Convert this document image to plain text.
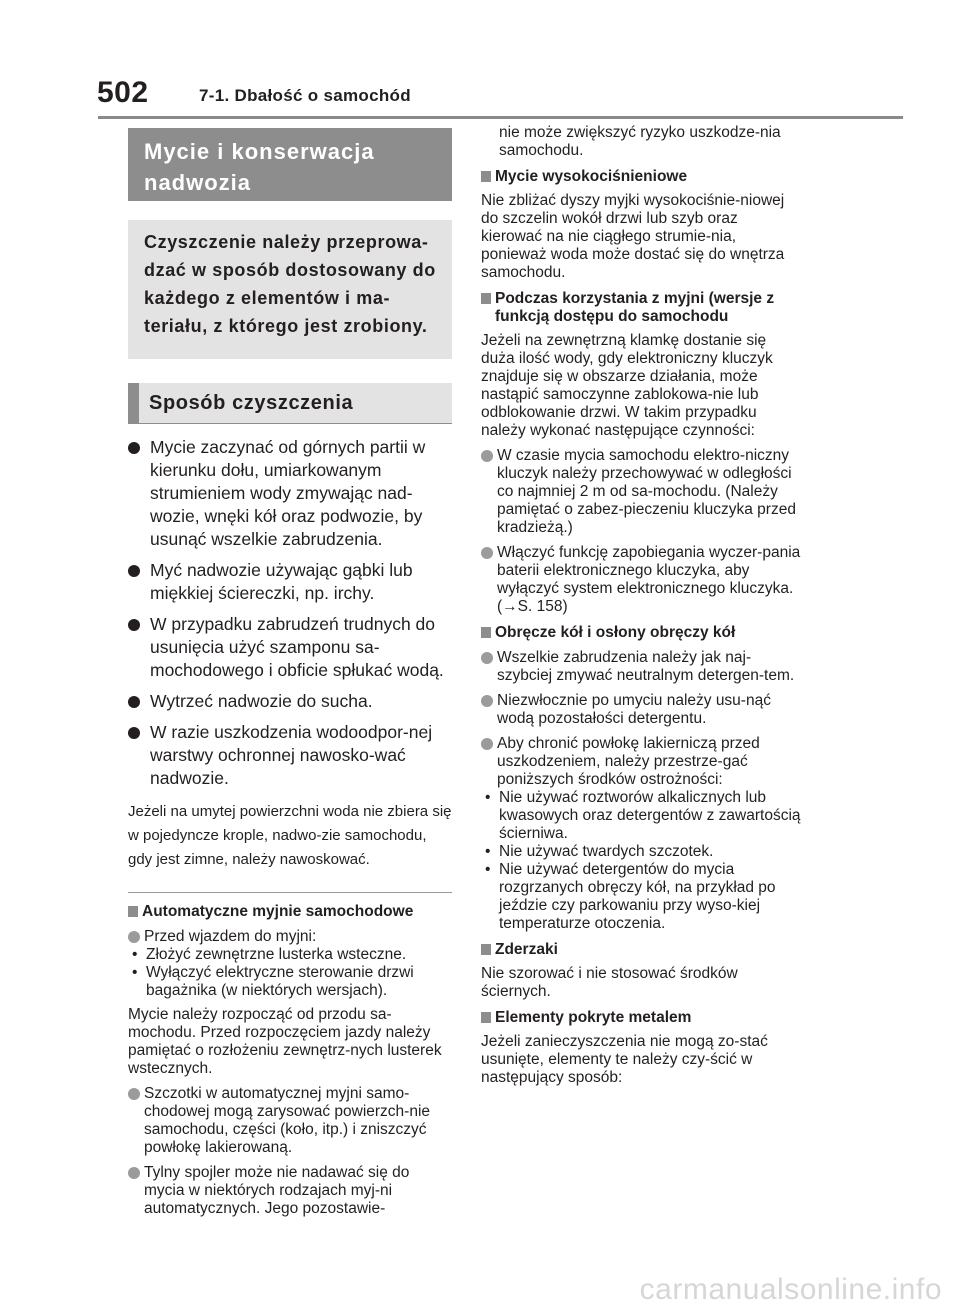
502	7-1. Dbałość o samochód
Mycie i konserwacja nadwozia
Czyszczenie należy przeprowa-dzać w sposób dostosowany do każdego z elementów i ma-teriału, z którego jest zrobiony.
Sposób czyszczenia
Mycie zaczynać od górnych partii w kierunku dołu, umiarkowanym strumieniem wody zmywając nad-wozie, wnęki kół oraz podwozie, by usunąć wszelkie zabrudzenia.
Myć nadwozie używając gąbki lub miękkiej ściereczki, np. irchy.
W przypadku zabrudzeń trudnych do usunięcia użyć szamponu sa-mochodowego i obficie spłukać wodą.
Wytrzeć nadwozie do sucha.
W razie uszkodzenia wodoodpor-nej warstwy ochronnej nawosko-wać nadwozie.
Jeżeli na umytej powierzchni woda nie zbiera się w pojedyncze krople, nadwo-zie samochodu, gdy jest zimne, należy nawoskować.
Automatyczne myjnie samochodowe
Przed wjazdem do myjni:
• Złożyć zewnętrzne lusterka wsteczne.
• Wyłączyć elektryczne sterowanie drzwi bagażnika (w niektórych wersjach).
Mycie należy rozpocząć od przodu sa-mochodu. Przed rozpoczęciem jazdy należy pamiętać o rozłożeniu zewnętrz-nych lusterek wstecznych.
Szczotki w automatycznej myjni samo-chodowej mogą zarysować powierzch-nie samochodu, części (koło, itp.) i zniszczyć powłokę lakierowaną.
Tylny spojler może nie nadawać się do mycia w niektórych rodzajach myj-ni automatycznych. Jego pozostawie-
nie może zwiększyć ryzyko uszkodze-nia samochodu.
Mycie wysokociśnieniowe
Nie zbliżać dyszy myjki wysokociśnie-niowej do szczelin wokół drzwi lub szyb oraz kierować na nie ciągłego strumie-nia, ponieważ woda może dostać się do wnętrza samochodu.
Podczas korzystania z myjni (wersje z funkcją dostępu do samochodu
Jeżeli na zewnętrzną klamkę dostanie się duża ilość wody, gdy elektroniczny kluczyk znajduje się w obszarze działania, może nastąpić samoczynne zablokowa-nie lub odblokowanie drzwi. W takim przypadku należy wykonać następujące czynności:
W czasie mycia samochodu elektro-niczny kluczyk należy przechowywać w odległości co najmniej 2 m od sa-mochodu. (Należy pamiętać o zabez-pieczeniu kluczyka przed kradzieżą.)
Włączyć funkcję zapobiegania wyczer-pania baterii elektronicznego kluczyka, aby wyłączyć system elektronicznego kluczyka. (→S. 158)
Obręcze kół i osłony obręczy kół
Wszelkie zabrudzenia należy jak naj-szybciej zmywać neutralnym detergen-tem.
Niezwłocznie po umyciu należy usu-nąć wodą pozostałości detergentu.
Aby chronić powłokę lakierniczą przed uszkodzeniem, należy przestrze-gać poniższych środków ostrożności:
• Nie używać roztworów alkalicznych lub kwasowych oraz detergentów z zawartością ścierniwa.
• Nie używać twardych szczotek.
• Nie używać detergentów do mycia rozgrzanych obręczy kół, na przykład po jeździe czy parkowaniu przy wyso-kiej temperaturze otoczenia.
Zderzaki
Nie szorować i nie stosować środków ściernych.
Elementy pokryte metalem
Jeżeli zanieczyszczenia nie mogą zo-stać usunięte, elementy te należy czy-ścić w następujący sposób:
carmanualsonline.info
